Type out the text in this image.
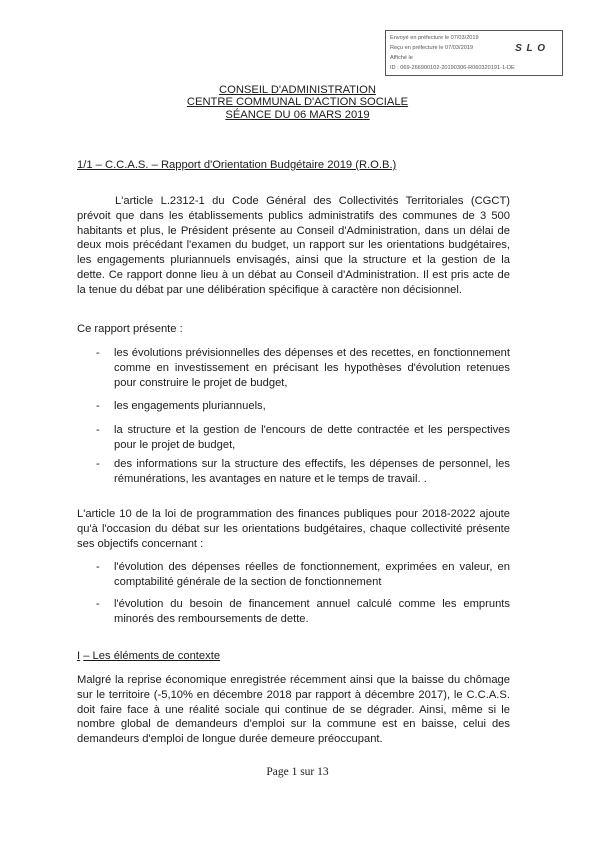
Envoyé en préfecture le 07/03/2019
Reçu en préfecture le 07/03/2019
Affiché le
ID : 069-266900102-20190306-R060320191-1-DE
S L O
CONSEIL D'ADMINISTRATION
CENTRE COMMUNAL D'ACTION SOCIALE
SÉANCE DU 06 MARS 2019
1/1 – C.C.A.S. – Rapport d'Orientation Budgétaire 2019 (R.O.B.)
L'article L.2312-1 du Code Général des Collectivités Territoriales (CGCT) prévoit que dans les établissements publics administratifs des communes de 3 500 habitants et plus, le Président présente au Conseil d'Administration, dans un délai de deux mois précédant l'examen du budget, un rapport sur les orientations budgétaires, les engagements pluriannuels envisagés, ainsi que la structure et la gestion de la dette. Ce rapport donne lieu à un débat au Conseil d'Administration. Il est pris acte de la tenue du débat par une délibération spécifique à caractère non décisionnel.
Ce rapport présente :
- les évolutions prévisionnelles des dépenses et des recettes, en fonctionnement comme en investissement en précisant les hypothèses d'évolution retenues pour construire le projet de budget,
- les engagements pluriannuels,
- la structure et la gestion de l'encours de dette contractée et les perspectives pour le projet de budget,
- des informations sur la structure des effectifs, les dépenses de personnel, les rémunérations, les avantages en nature et le temps de travail. .
L'article 10 de la loi de programmation des finances publiques pour 2018-2022 ajoute qu'à l'occasion du débat sur les orientations budgétaires, chaque collectivité présente ses objectifs concernant :
- l'évolution des dépenses réelles de fonctionnement, exprimées en valeur, en comptabilité générale de la section de fonctionnement
- l'évolution du besoin de financement annuel calculé comme les emprunts minorés des remboursements de dette.
I – Les éléments de contexte
Malgré la reprise économique enregistrée récemment ainsi que la baisse du chômage sur le territoire (-5,10% en décembre 2018 par rapport à décembre 2017), le C.C.A.S. doit faire face à une réalité sociale qui continue de se dégrader. Ainsi, même si le nombre global de demandeurs d'emploi sur la commune est en baisse, celui des demandeurs d'emploi de longue durée demeure préoccupant.
Page 1 sur 13
